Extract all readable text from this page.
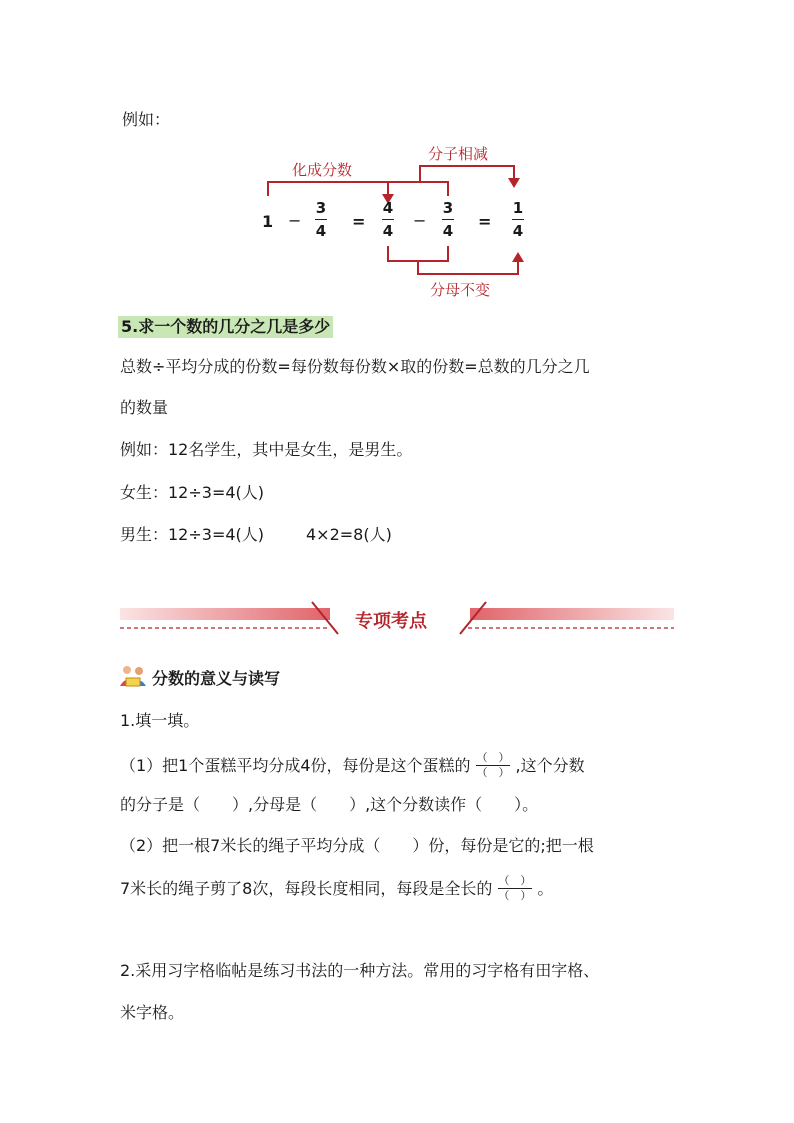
例如：
化成分数
分子相减
分母不变
1 −
3
4 =
4
4
−
3
4 =
1
4
5.求一个数的几分之几是多少
总数÷平均分成的份数=每份数每份数×取的份数=总数的几分之几
的数量
例如：12名学生，其中是女生，是男生。
女生：12÷3=4(人)
男生：12÷3=4(人)	4×2=8(人)
专项考点
分数的意义与读写
1.填一填。
（1）把1个蛋糕平均分成4份，每份是这个蛋糕的 $\frac{( )}{( )}$ ,这个分数
的分子是（　　）,分母是（　　）,这个分数读作（　　）。
（2）把一根7米长的绳子平均分成（　　）份，每份是它的;把一根
7米长的绳子剪了8次，每段长度相同，每段是全长的 $\frac{( )}{( )}$ 。
2.采用习字格临帖是练习书法的一种方法。常用的习字格有田字格、
米字格。
